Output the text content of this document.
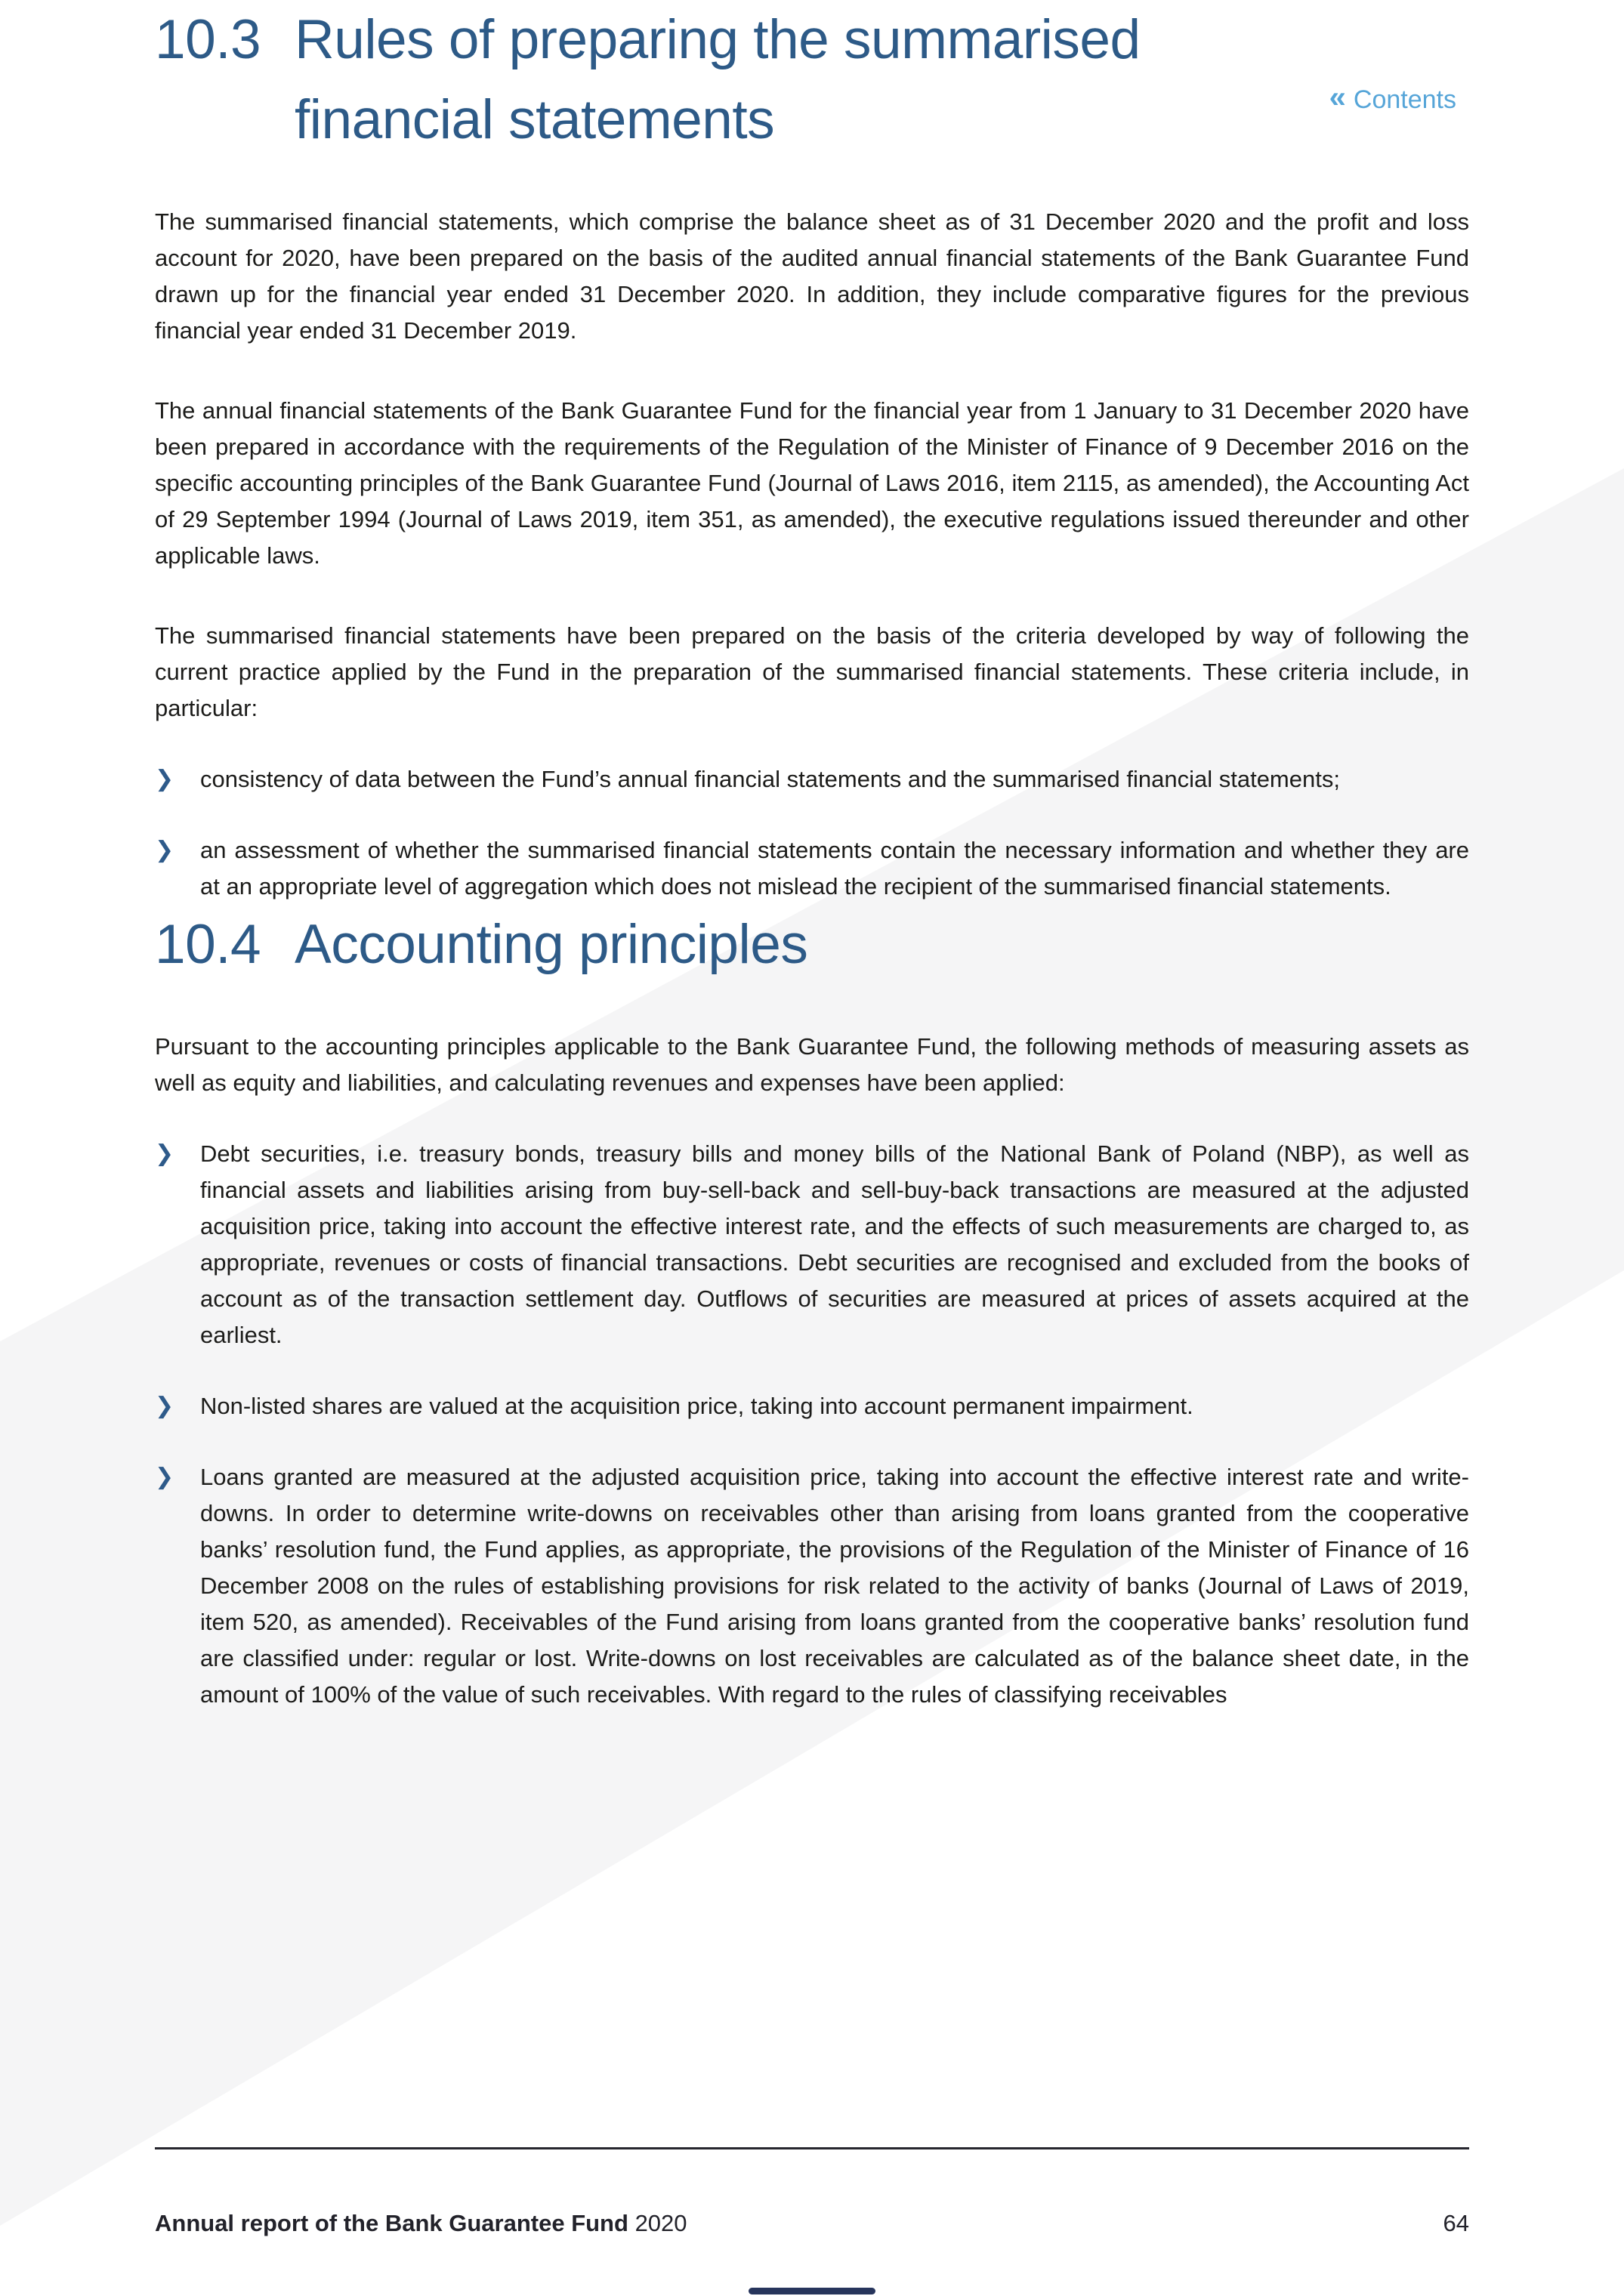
« Contents
10.3 Rules of preparing the summarised financial statements

The summarised financial statements, which comprise the balance sheet as of 31 December 2020 and the profit and loss account for 2020, have been prepared on the basis of the audited annual financial statements of the Bank Guarantee Fund drawn up for the financial year ended 31 December 2020. In addition, they include comparative figures for the previous financial year ended 31 December 2019.

The annual financial statements of the Bank Guarantee Fund for the financial year from 1 January to 31 December 2020 have been prepared in accordance with the requirements of the Regulation of the Minister of Finance of 9 December 2016 on the specific accounting principles of the Bank Guarantee Fund (Journal of Laws 2016, item 2115, as amended), the Accounting Act of 29 September 1994 (Journal of Laws 2019, item 351, as amended), the executive regulations issued thereunder and other applicable laws.

The summarised financial statements have been prepared on the basis of the criteria developed by way of following the current practice applied by the Fund in the preparation of the summarised financial statements. These criteria include, in particular:

❯	consistency of data between the Fund’s annual financial statements and the summarised financial statements;

❯	an assessment of whether the summarised financial statements contain the necessary information and whether they are at an appropriate level of aggregation which does not mislead the recipient of the summarised financial statements.

10.4 Accounting principles

Pursuant to the accounting principles applicable to the Bank Guarantee Fund, the following methods of measuring assets as well as equity and liabilities, and calculating revenues and expenses have been applied:

❯	Debt securities, i.e. treasury bonds, treasury bills and money bills of the National Bank of Poland (NBP), as well as financial assets and liabilities arising from buy-sell-back and sell-buy-back transactions are measured at the adjusted acquisition price, taking into account the effective interest rate, and the effects of such measurements are charged to, as appropriate, revenues or costs of financial transactions. Debt securities are recognised and excluded from the books of account as of the transaction settlement day. Outflows of securities are measured at prices of assets acquired at the earliest.

❯	Non-listed shares are valued at the acquisition price, taking into account permanent impairment.

❯	Loans granted are measured at the adjusted acquisition price, taking into account the effective interest rate and write-downs. In order to determine write-downs on receivables other than arising from loans granted from the cooperative banks’ resolution fund, the Fund applies, as appropriate, the provisions of the Regulation of the Minister of Finance of 16 December 2008 on the rules of establishing provisions for risk related to the activity of banks (Journal of Laws of 2019, item 520, as amended). Receivables of the Fund arising from loans granted from the cooperative banks’ resolution fund are classified under: regular or lost. Write-downs on lost receivables are calculated as of the balance sheet date, in the amount of 100% of the value of such receivables. With regard to the rules of classifying receivables

Annual report of the Bank Guarantee Fund 2020	64
